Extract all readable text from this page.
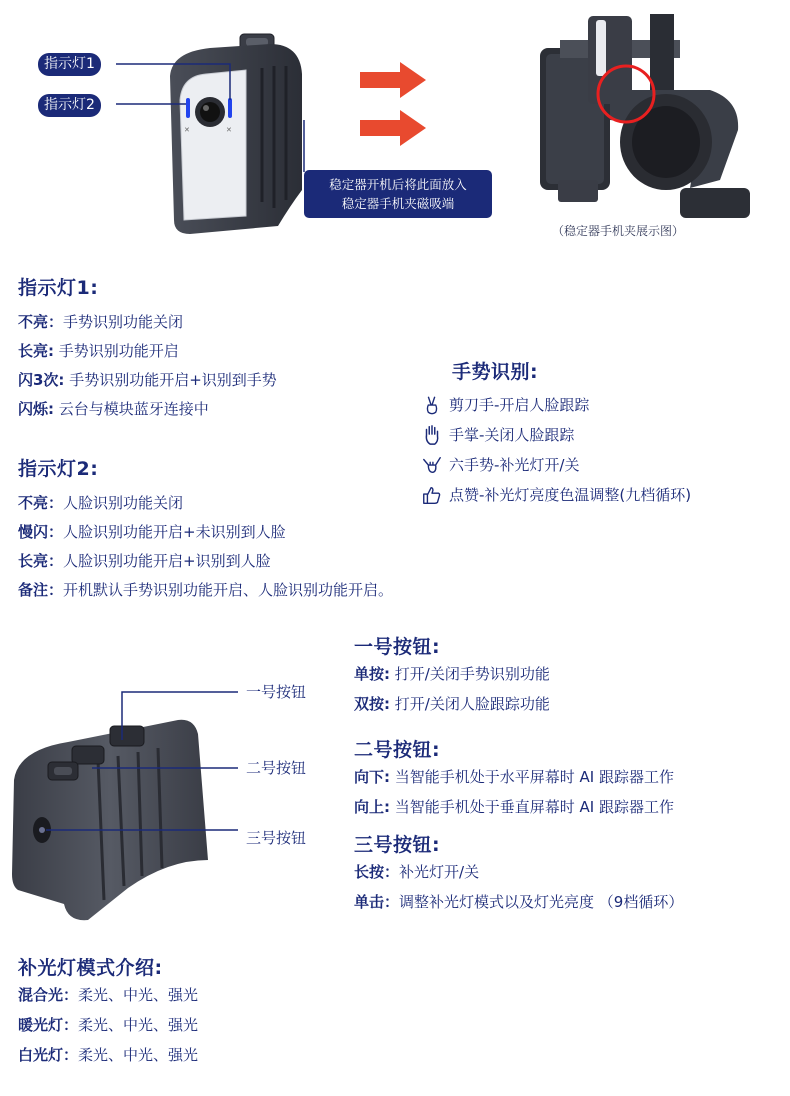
✕	✕
指示灯1
指示灯2
稳定器开机后将此面放入
稳定器手机夹磁吸端
（稳定器手机夹展示图）
指示灯1:
不亮：手势识别功能关闭
长亮: 手势识别功能开启
闪3次: 手势识别功能开启+识别到手势
闪烁: 云台与模块蓝牙连接中
手势识别:
剪刀手-开启人脸跟踪
手掌-关闭人脸跟踪
六手势-补光灯开/关
点赞-补光灯亮度色温调整(九档循环)
指示灯2:
不亮：人脸识别功能关闭
慢闪：人脸识别功能开启+未识别到人脸
长亮：人脸识别功能开启+识别到人脸
备注：开机默认手势识别功能开启、人脸识别功能开启。
一号按钮
二号按钮
三号按钮
一号按钮:
单按: 打开/关闭手势识别功能
双按: 打开/关闭人脸跟踪功能
二号按钮:
向下: 当智能手机处于水平屏幕时 AI 跟踪器工作
向上: 当智能手机处于垂直屏幕时 AI 跟踪器工作
三号按钮:
长按：补光灯开/关
单击：调整补光灯模式以及灯光亮度 （9档循环）
补光灯模式介绍:
混合光：柔光、中光、强光
暖光灯：柔光、中光、强光
白光灯：柔光、中光、强光
